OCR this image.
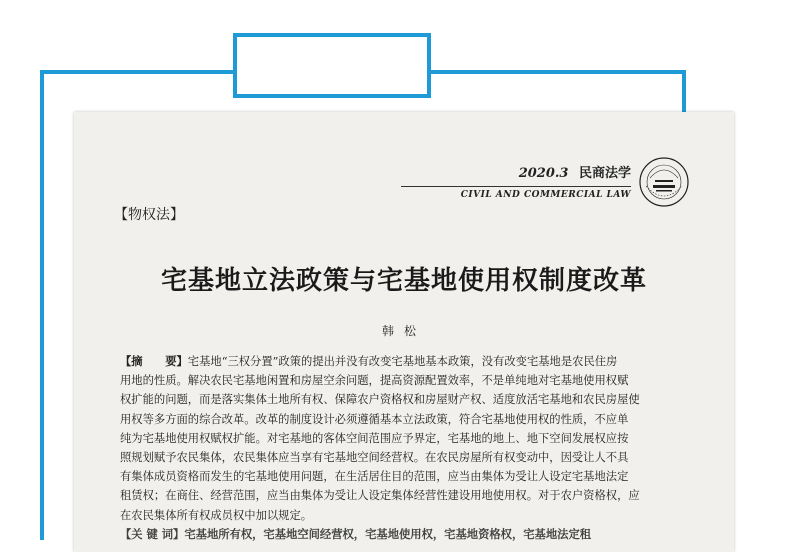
2020.3 民商法学
CIVIL AND COMMERCIAL LAW
【物权法】
宅基地立法政策与宅基地使用权制度改革
韩松
【摘　　要】宅基地“三权分置”政策的提出并没有改变宅基地基本政策，没有改变宅基地是农民住房
用地的性质。解决农民宅基地闲置和房屋空余问题，提高资源配置效率，不是单纯地对宅基地使用权赋
权扩能的问题，而是落实集体土地所有权、保障农户资格权和房屋财产权、适度放活宅基地和农民房屋使
用权等多方面的综合改革。改革的制度设计必须遵循基本立法政策，符合宅基地使用权的性质，不应单
纯为宅基地使用权赋权扩能。对宅基地的客体空间范围应予界定，宅基地的地上、地下空间发展权应按
照规划赋予农民集体，农民集体应当享有宅基地空间经营权。在农民房屋所有权变动中，因受让人不具
有集体成员资格而发生的宅基地使用问题，在生活居住目的范围，应当由集体为受让人设定宅基地法定
租赁权；在商住、经营范围，应当由集体为受让人设定集体经营性建设用地使用权。对于农户资格权，应
在农民集体所有权成员权中加以规定。
【关 键 词】宅基地所有权，宅基地空间经营权，宅基地使用权，宅基地资格权，宅基地法定租
